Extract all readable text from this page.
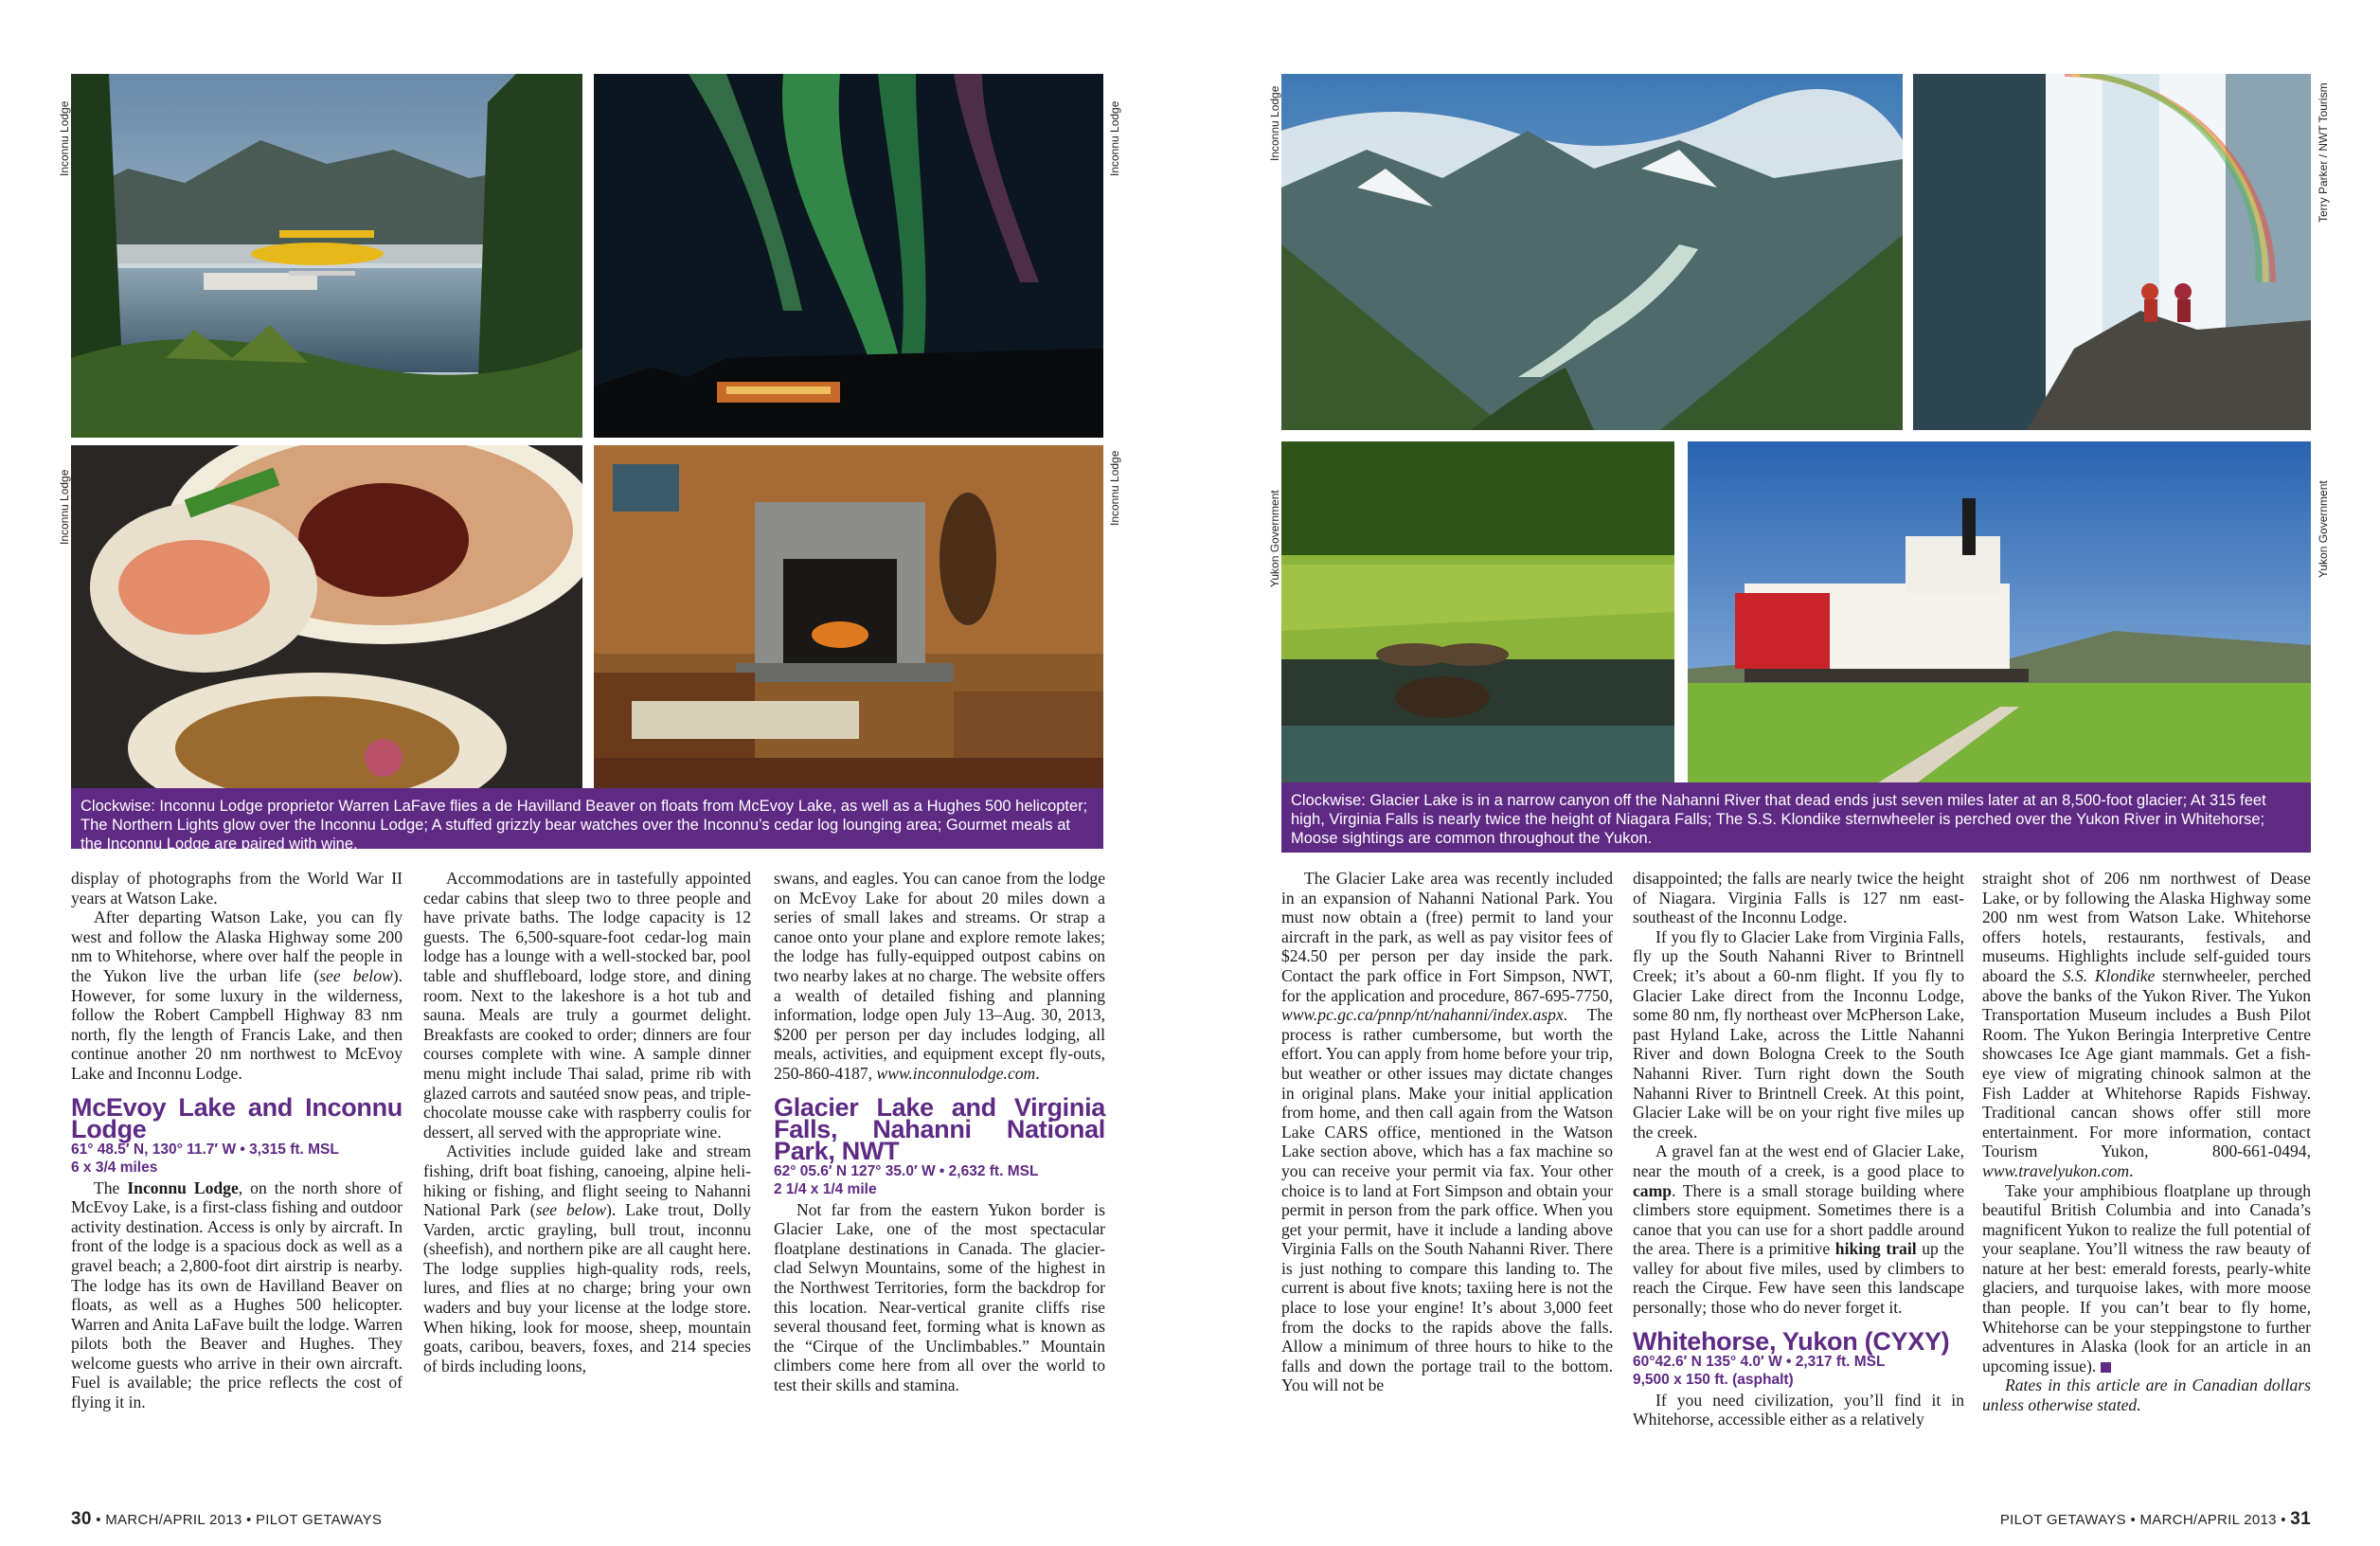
Inconnu Lodge	Inconnu Lodge
Inconnu Lodge	Inconnu Lodge
Clockwise: Inconnu Lodge proprietor Warren LaFave flies a de Havilland Beaver on floats from McEvoy Lake, as well as a Hughes 500 helicopter; The Northern Lights glow over the Inconnu Lodge; A stuffed grizzly bear watches over the Inconnu’s cedar log lounging area; Gourmet meals at the Inconnu Lodge are paired with wine.
Inconnu Lodge	Terry Parker / NWT Tourism
Yukon Government	Yukon Government
Clockwise: Glacier Lake is in a narrow canyon off the Nahanni River that dead ends just seven miles later at an 8,500-foot glacier; At 315 feet high, Virginia Falls is nearly twice the height of Niagara Falls; The S.S. Klondike sternwheeler is perched over the Yukon River in Whitehorse; Moose sightings are common throughout the Yukon.

display of photographs from the World War II years at Watson Lake.

After departing Watson Lake, you can fly west and follow the Alaska Highway some 200 nm to Whitehorse, where over half the people in the Yukon live the urban life (see below). However, for some luxury in the wilderness, follow the Robert Campbell Highway 83 nm north, fly the length of Francis Lake, and then continue another 20 nm northwest to McEvoy Lake and Inconnu Lodge.

McEvoy Lake and Inconnu Lodge
61° 48.5′ N, 130° 11.7′ W • 3,315 ft. MSL
6 x 3/4 miles

The Inconnu Lodge, on the north shore of McEvoy Lake, is a first-class fishing and outdoor activity destination. Access is only by aircraft. In front of the lodge is a spacious dock as well as a gravel beach; a 2,800-foot dirt airstrip is nearby. The lodge has its own de Havilland Beaver on floats, as well as a Hughes 500 helicopter. Warren and Anita LaFave built the lodge. Warren pilots both the Beaver and Hughes. They welcome guests who arrive in their own aircraft. Fuel is available; the price reflects the cost of flying it in.

Accommodations are in tastefully appointed cedar cabins that sleep two to three people and have private baths. The lodge capacity is 12 guests. The 6,500-square-foot cedar-log main lodge has a lounge with a well-stocked bar, pool table and shuffleboard, lodge store, and dining room. Next to the lakeshore is a hot tub and sauna. Meals are truly a gourmet delight. Breakfasts are cooked to order; dinners are four courses complete with wine. A sample dinner menu might include Thai salad, prime rib with glazed carrots and sautéed snow peas, and triple-chocolate mousse cake with raspberry coulis for dessert, all served with the appropriate wine.

Activities include guided lake and stream fishing, drift boat fishing, canoeing, alpine heli-hiking or fishing, and flight seeing to Nahanni National Park (see below). Lake trout, Dolly Varden, arctic grayling, bull trout, inconnu (sheefish), and northern pike are all caught here. The lodge supplies high-quality rods, reels, lures, and flies at no charge; bring your own waders and buy your license at the lodge store. When hiking, look for moose, sheep, mountain goats, caribou, beavers, foxes, and 214 species of birds including loons,

swans, and eagles. You can canoe from the lodge on McEvoy Lake for about 20 miles down a series of small lakes and streams. Or strap a canoe onto your plane and explore remote lakes; the lodge has fully-equipped outpost cabins on two nearby lakes at no charge. The website offers a wealth of detailed fishing and planning information, lodge open July 13–Aug. 30, 2013, $200 per person per day includes lodging, all meals, activities, and equipment except fly-outs, 250-860-4187, www.inconnulodge.com.

Glacier Lake and Virginia Falls, Nahanni National Park, NWT
62° 05.6′ N 127° 35.0′ W • 2,632 ft. MSL
2 1/4 x 1/4 mile

Not far from the eastern Yukon border is Glacier Lake, one of the most spectacular floatplane destinations in Canada. The glacier-clad Selwyn Mountains, some of the highest in the Northwest Territories, form the backdrop for this location. Near-vertical granite cliffs rise several thousand feet, forming what is known as the “Cirque of the Unclimbables.” Mountain climbers come here from all over the world to test their skills and stamina.

The Glacier Lake area was recently included in an expansion of Nahanni National Park. You must now obtain a (free) permit to land your aircraft in the park, as well as pay visitor fees of $24.50 per person per day inside the park. Contact the park office in Fort Simpson, NWT, for the application and procedure, 867-695-7750, www.pc.gc.ca/pnnp/nt/nahanni/index.aspx. The process is rather cumbersome, but worth the effort. You can apply from home before your trip, but weather or other issues may dictate changes in original plans. Make your initial application from home, and then call again from the Watson Lake CARS office, mentioned in the Watson Lake section above, which has a fax machine so you can receive your permit via fax. Your other choice is to land at Fort Simpson and obtain your permit in person from the park office. When you get your permit, have it include a landing above Virginia Falls on the South Nahanni River. There is just nothing to compare this landing to. The current is about five knots; taxiing here is not the place to lose your engine! It’s about 3,000 feet from the docks to the rapids above the falls. Allow a minimum of three hours to hike to the falls and down the portage trail to the bottom. You will not be

disappointed; the falls are nearly twice the height of Niagara. Virginia Falls is 127 nm east-southeast of the Inconnu Lodge.

If you fly to Glacier Lake from Virginia Falls, fly up the South Nahanni River to Brintnell Creek; it’s about a 60-nm flight. If you fly to Glacier Lake direct from the Inconnu Lodge, some 80 nm, fly northeast over McPherson Lake, past Hyland Lake, across the Little Nahanni River and down Bologna Creek to the South Nahanni River. Turn right down the South Nahanni River to Brintnell Creek. At this point, Glacier Lake will be on your right five miles up the creek.

A gravel fan at the west end of Glacier Lake, near the mouth of a creek, is a good place to camp. There is a small storage building where climbers store equipment. Sometimes there is a canoe that you can use for a short paddle around the area. There is a primitive hiking trail up the valley for about five miles, used by climbers to reach the Cirque. Few have seen this landscape personally; those who do never forget it.

Whitehorse, Yukon (CYXY)
60°42.6′ N 135° 4.0′ W • 2,317 ft. MSL
9,500 x 150 ft. (asphalt)

If you need civilization, you’ll find it in Whitehorse, accessible either as a relatively

straight shot of 206 nm northwest of Dease Lake, or by following the Alaska Highway some 200 nm west from Watson Lake. Whitehorse offers hotels, restaurants, festivals, and museums. Highlights include self-guided tours aboard the S.S. Klondike sternwheeler, perched above the banks of the Yukon River. The Yukon Transportation Museum includes a Bush Pilot Room. The Yukon Beringia Interpretive Centre showcases Ice Age giant mammals. Get a fish-eye view of migrating chinook salmon at the Fish Ladder at Whitehorse Rapids Fishway. Traditional cancan shows offer still more entertainment. For more information, contact Tourism Yukon, 800-661-0494, www.travelyukon.com.

Take your amphibious floatplane up through beautiful British Columbia and into Canada’s magnificent Yukon to realize the full potential of your seaplane. You’ll witness the raw beauty of nature at her best: emerald forests, pearly-white glaciers, and turquoise lakes, with more moose than people. If you can’t bear to fly home, Whitehorse can be your steppingstone to further adventures in Alaska (look for an article in an upcoming issue).

Rates in this article are in Canadian dollars unless otherwise stated.

30 • MARCH/APRIL 2013 • PILOT GETAWAYS	PILOT GETAWAYS • MARCH/APRIL 2013 • 31
